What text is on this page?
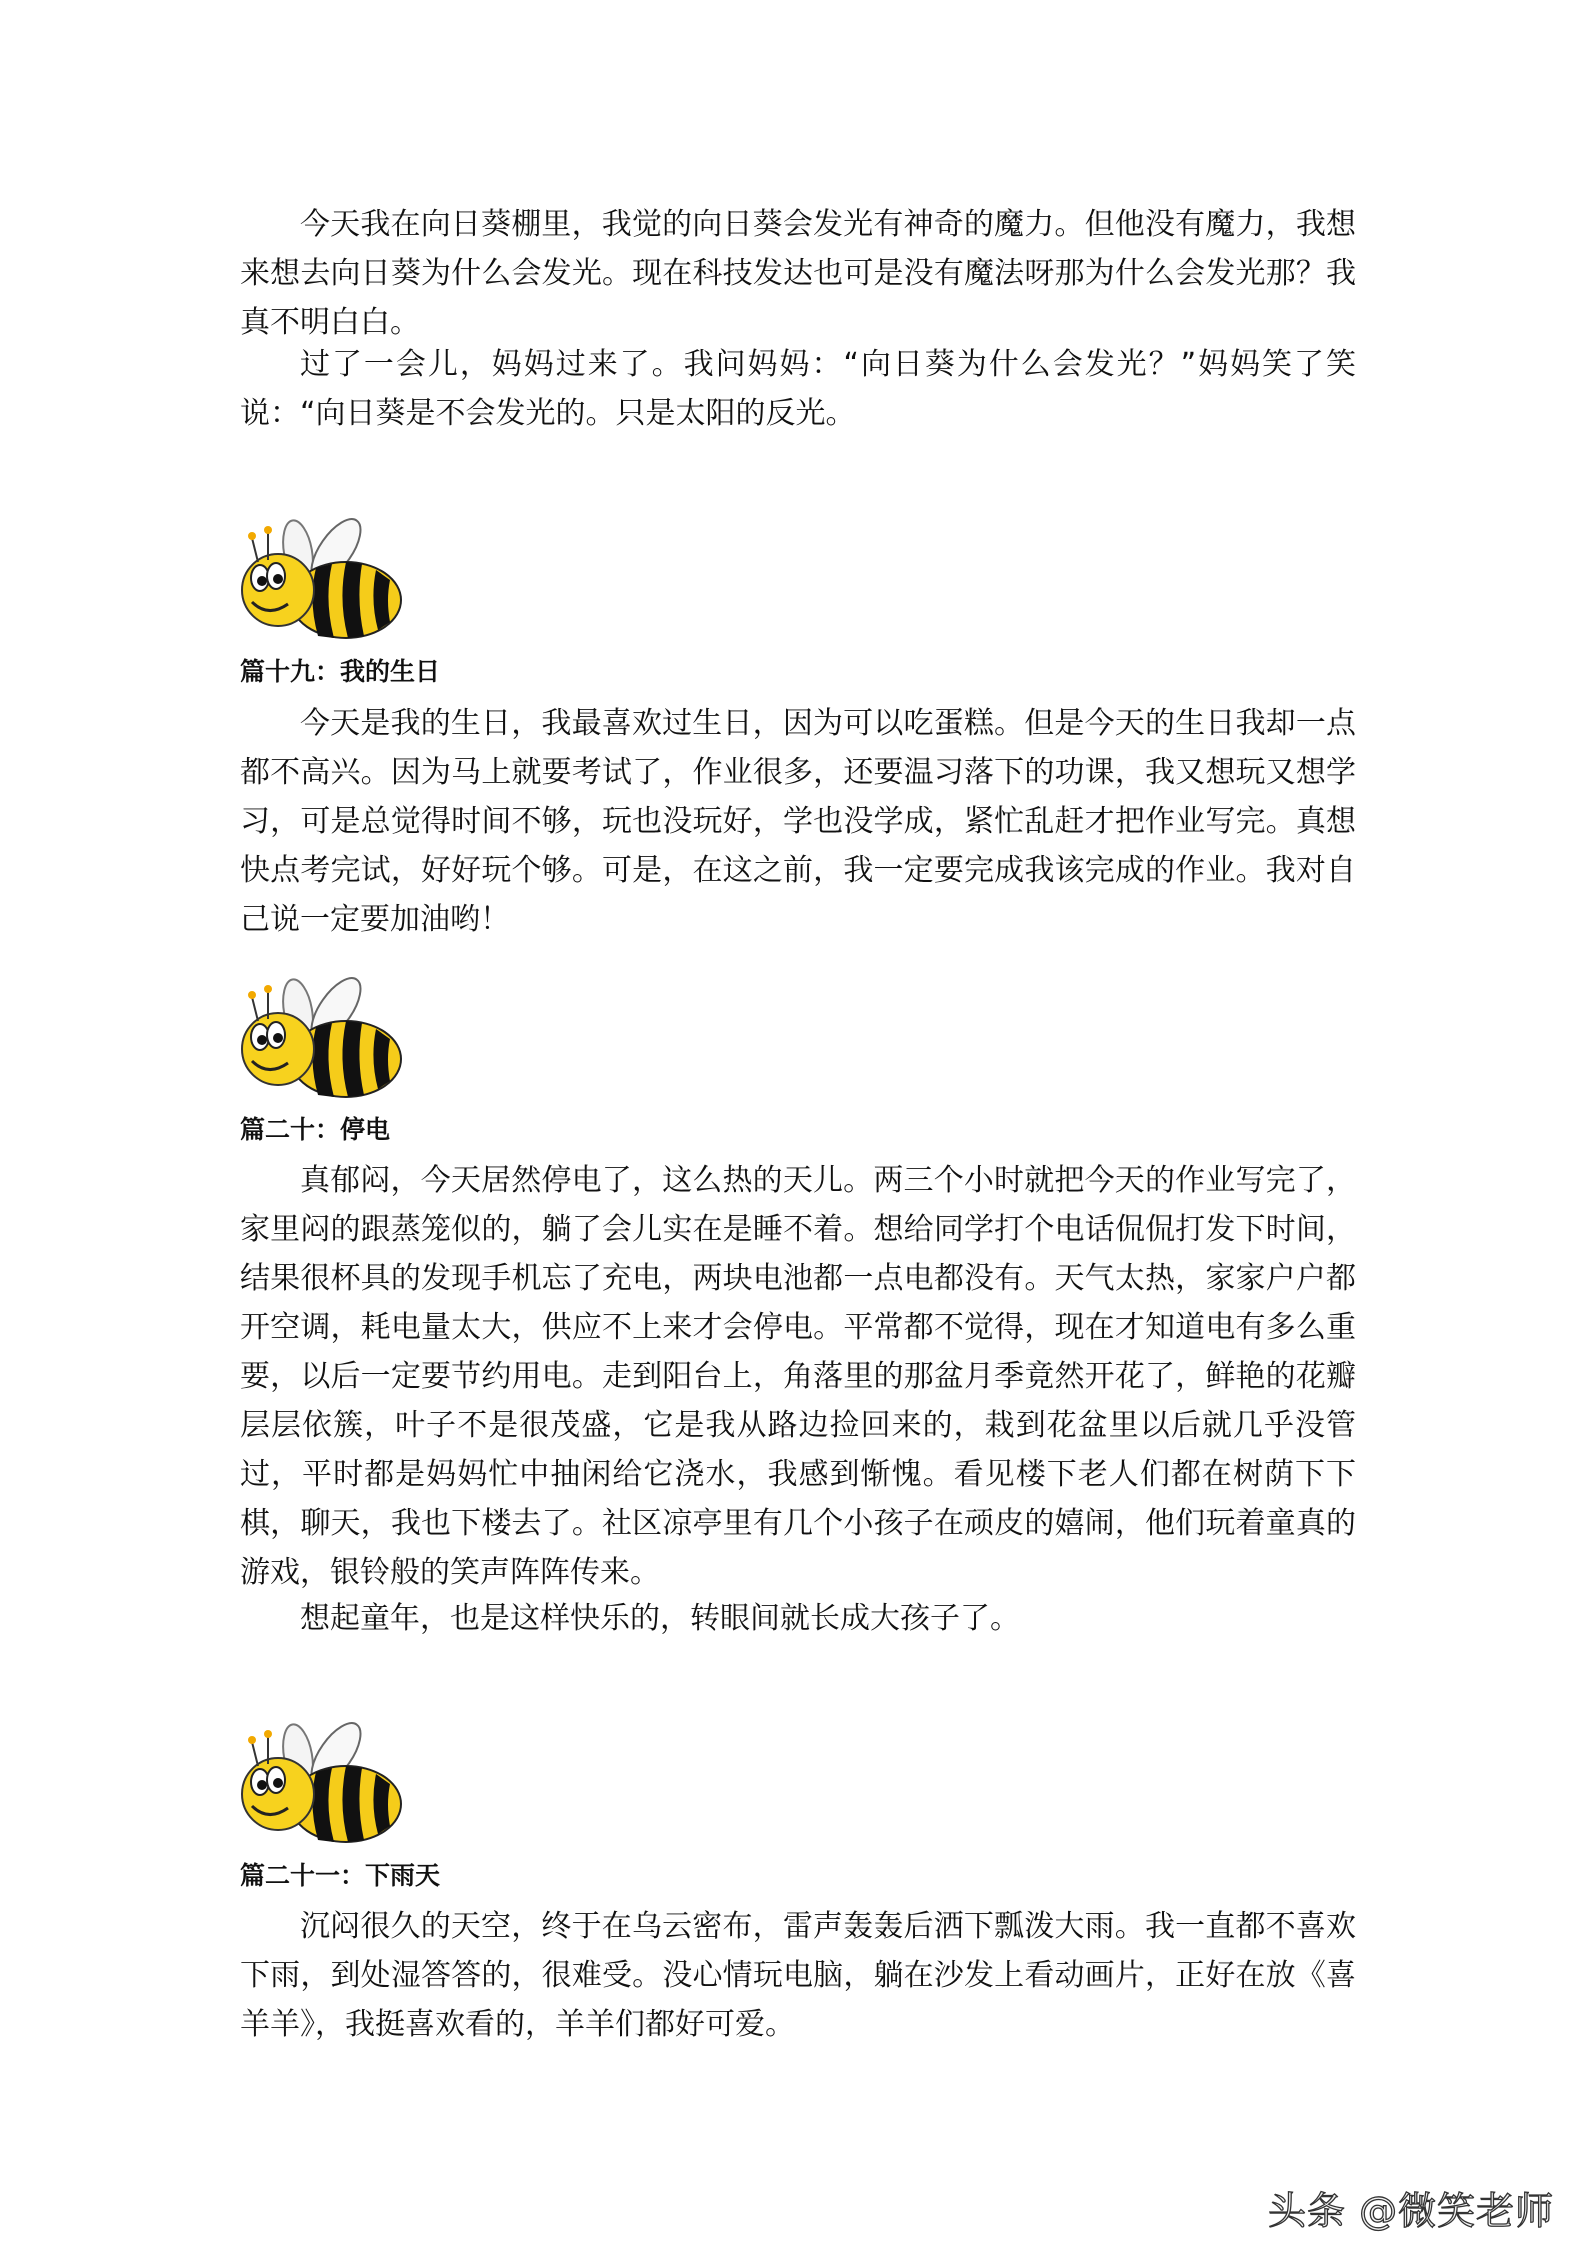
今天我在向日葵棚里，我觉的向日葵会发光有神奇的魔力。但他没有魔力，我想来想去向日葵为什么会发光。现在科技发达也可是没有魔法呀那为什么会发光那？我真不明白白。

过了一会儿，妈妈过来了。我问妈妈：“向日葵为什么会发光？”妈妈笑了笑说：“向日葵是不会发光的。只是太阳的反光。

篇十九：我的生日

今天是我的生日，我最喜欢过生日，因为可以吃蛋糕。但是今天的生日我却一点都不高兴。因为马上就要考试了，作业很多，还要温习落下的功课，我又想玩又想学习，可是总觉得时间不够，玩也没玩好，学也没学成，紧忙乱赶才把作业写完。真想快点考完试，好好玩个够。可是，在这之前，我一定要完成我该完成的作业。我对自己说一定要加油哟！

篇二十：停电

真郁闷，今天居然停电了，这么热的天儿。两三个小时就把今天的作业写完了，家里闷的跟蒸笼似的，躺了会儿实在是睡不着。想给同学打个电话侃侃打发下时间，结果很杯具的发现手机忘了充电，两块电池都一点电都没有。天气太热，家家户户都开空调，耗电量太大，供应不上来才会停电。平常都不觉得，现在才知道电有多么重要，以后一定要节约用电。走到阳台上，角落里的那盆月季竟然开花了，鲜艳的花瓣层层依簇，叶子不是很茂盛，它是我从路边捡回来的，栽到花盆里以后就几乎没管过，平时都是妈妈忙中抽闲给它浇水，我感到惭愧。看见楼下老人们都在树荫下下棋，聊天，我也下楼去了。社区凉亭里有几个小孩子在顽皮的嬉闹，他们玩着童真的游戏，银铃般的笑声阵阵传来。

想起童年，也是这样快乐的，转眼间就长成大孩子了。

篇二十一：下雨天

沉闷很久的天空，终于在乌云密布，雷声轰轰后洒下瓢泼大雨。我一直都不喜欢下雨，到处湿答答的，很难受。没心情玩电脑，躺在沙发上看动画片，正好在放《喜羊羊》，我挺喜欢看的，羊羊们都好可爱。

头条 @微笑老师
